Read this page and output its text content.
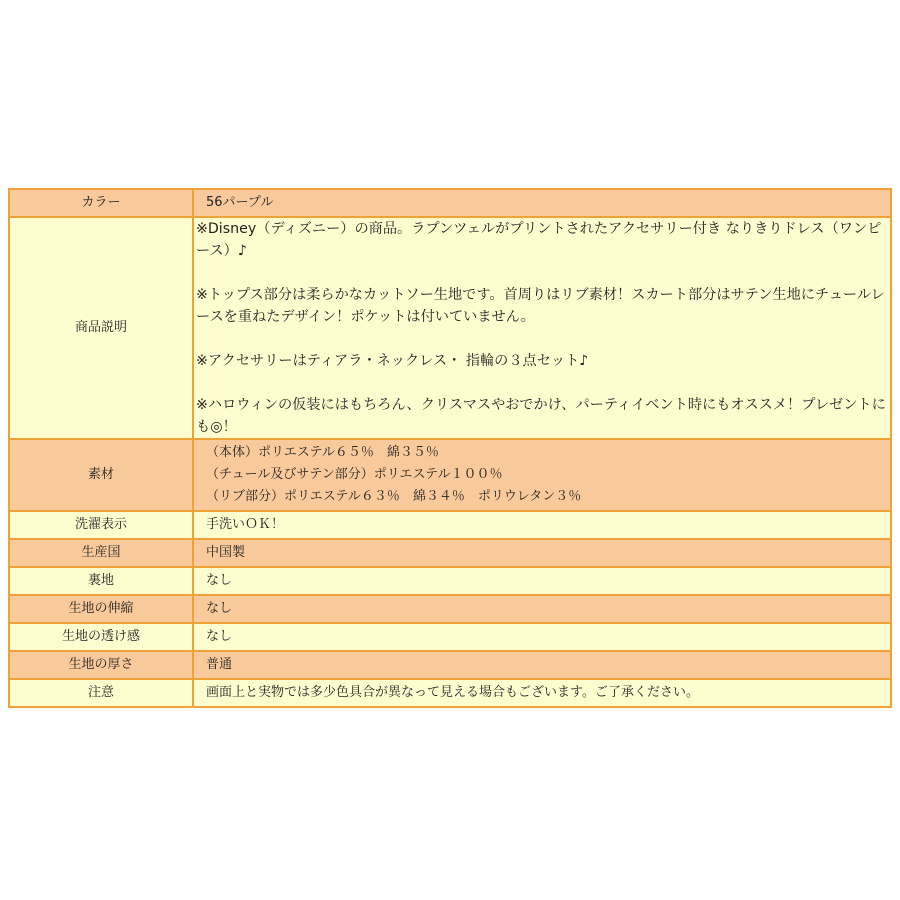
カラー	56パープル
商品説明	※Disney（ディズニー）の商品。ラプンツェルがプリントされたアクセサリー付き なりきりドレス（ワンピース）♪

※トップス部分は柔らかなカットソー生地です。首周りはリブ素材！スカート部分はサテン生地にチュールレースを重ねたデザイン！ポケットは付いていません。

※アクセサリーはティアラ・ネックレス・ 指輪の３点セット♪

※ハロウィンの仮装にはもちろん、クリスマスやおでかけ、パーティイベント時にもオススメ！プレゼントにも◎！

素材	（本体）ポリエステル６５％　綿３５％
（チュール及びサテン部分）ポリエステル１００％
（リブ部分）ポリエステル６３％　綿３４％　ポリウレタン３％

洗濯表示	手洗いＯＫ！
生産国	中国製
裏地	なし
生地の伸縮	なし
生地の透け感	なし
生地の厚さ	普通
注意	画面上と実物では多少色具合が異なって見える場合もございます。ご了承ください。
